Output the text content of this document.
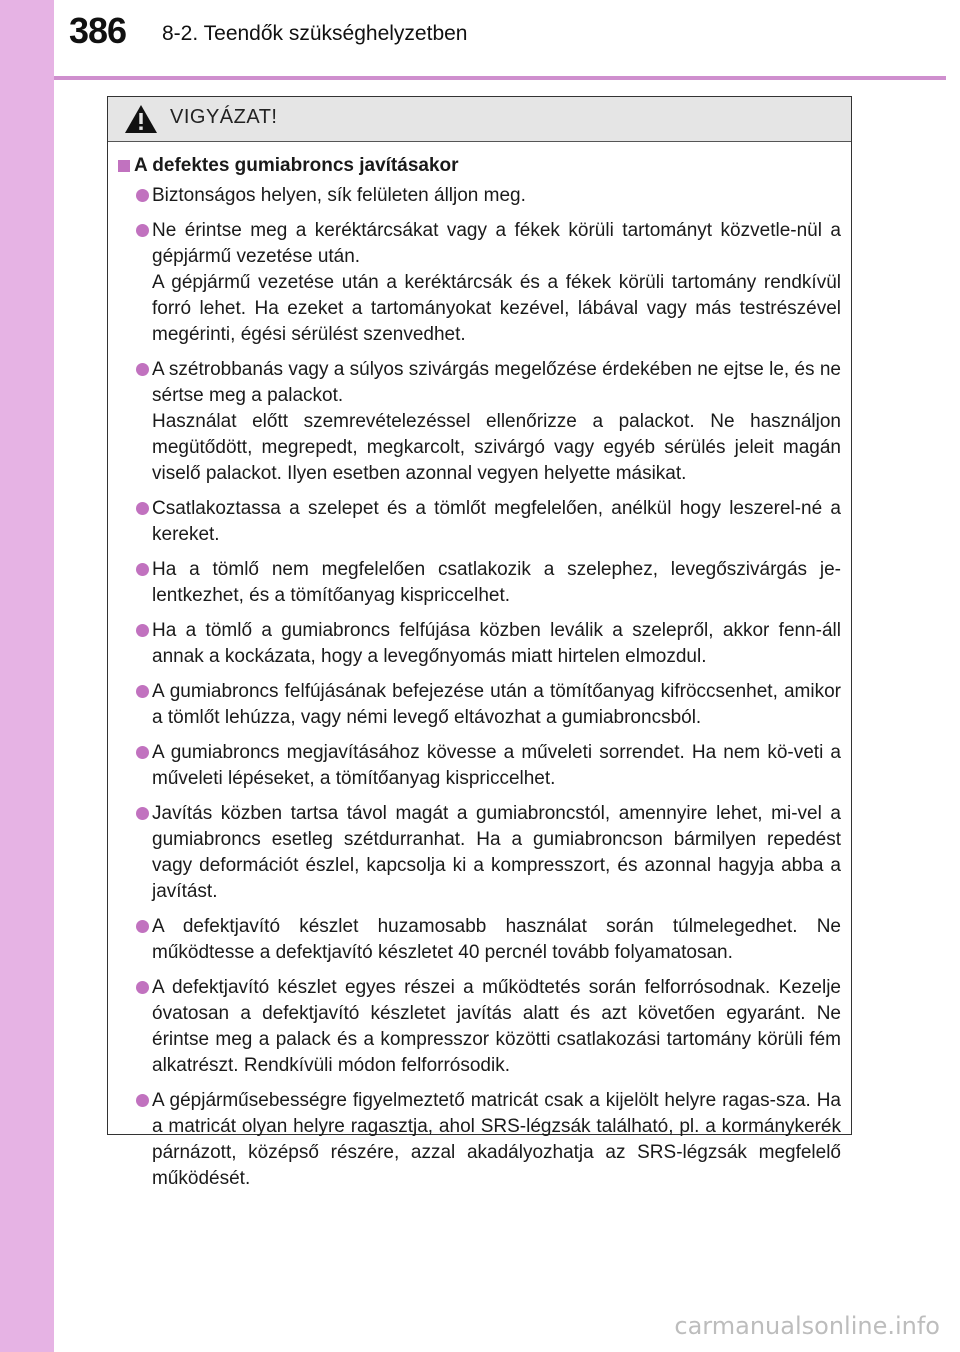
386 8-2. Teendők szükséghelyzetben
VIGYÁZAT!
A defektes gumiabroncs javításakor
Biztonságos helyen, sík felületen álljon meg.
Ne érintse meg a keréktárcsákat vagy a fékek körüli tartományt közvetle-nül a gépjármű vezetése után.
A gépjármű vezetése után a keréktárcsák és a fékek körüli tartomány rendkívül forró lehet. Ha ezeket a tartományokat kezével, lábával vagy más testrészével megérinti, égési sérülést szenvedhet.
A szétrobbanás vagy a súlyos szivárgás megelőzése érdekében ne ejtse le, és ne sértse meg a palackot.
Használat előtt szemrevételezéssel ellenőrizze a palackot. Ne használjon megütődött, megrepedt, megkarcolt, szivárgó vagy egyéb sérülés jeleit magán viselő palackot. Ilyen esetben azonnal vegyen helyette másikat.
Csatlakoztassa a szelepet és a tömlőt megfelelően, anélkül hogy leszerel-né a kereket.
Ha a tömlő nem megfelelően csatlakozik a szelephez, levegőszivárgás je-lentkezhet, és a tömítőanyag kispriccelhet.
Ha a tömlő a gumiabroncs felfújása közben leválik a szelepről, akkor fenn-áll annak a kockázata, hogy a levegőnyomás miatt hirtelen elmozdul.
A gumiabroncs felfújásának befejezése után a tömítőanyag kifröccsenhet, amikor a tömlőt lehúzza, vagy némi levegő eltávozhat a gumiabroncsból.
A gumiabroncs megjavításához kövesse a műveleti sorrendet. Ha nem kö-veti a műveleti lépéseket, a tömítőanyag kispriccelhet.
Javítás közben tartsa távol magát a gumiabroncstól, amennyire lehet, mi-vel a gumiabroncs esetleg szétdurranhat. Ha a gumiabroncson bármilyen repedést vagy deformációt észlel, kapcsolja ki a kompresszort, és azonnal hagyja abba a javítást.
A defektjavító készlet huzamosabb használat során túlmelegedhet. Ne működtesse a defektjavító készletet 40 percnél tovább folyamatosan.
A defektjavító készlet egyes részei a működtetés során felforrósodnak. Kezelje óvatosan a defektjavító készletet javítás alatt és azt követően egyaránt. Ne érintse meg a palack és a kompresszor közötti csatlakozási tartomány körüli fém alkatrészt. Rendkívüli módon felforrósodik.
A gépjárműsebességre figyelmeztető matricát csak a kijelölt helyre ragas-sza. Ha a matricát olyan helyre ragasztja, ahol SRS-légzsák található, pl. a kormánykerék párnázott, középső részére, azzal akadályozhatja az SRS-légzsák megfelelő működését.
carmanualsonline.info
